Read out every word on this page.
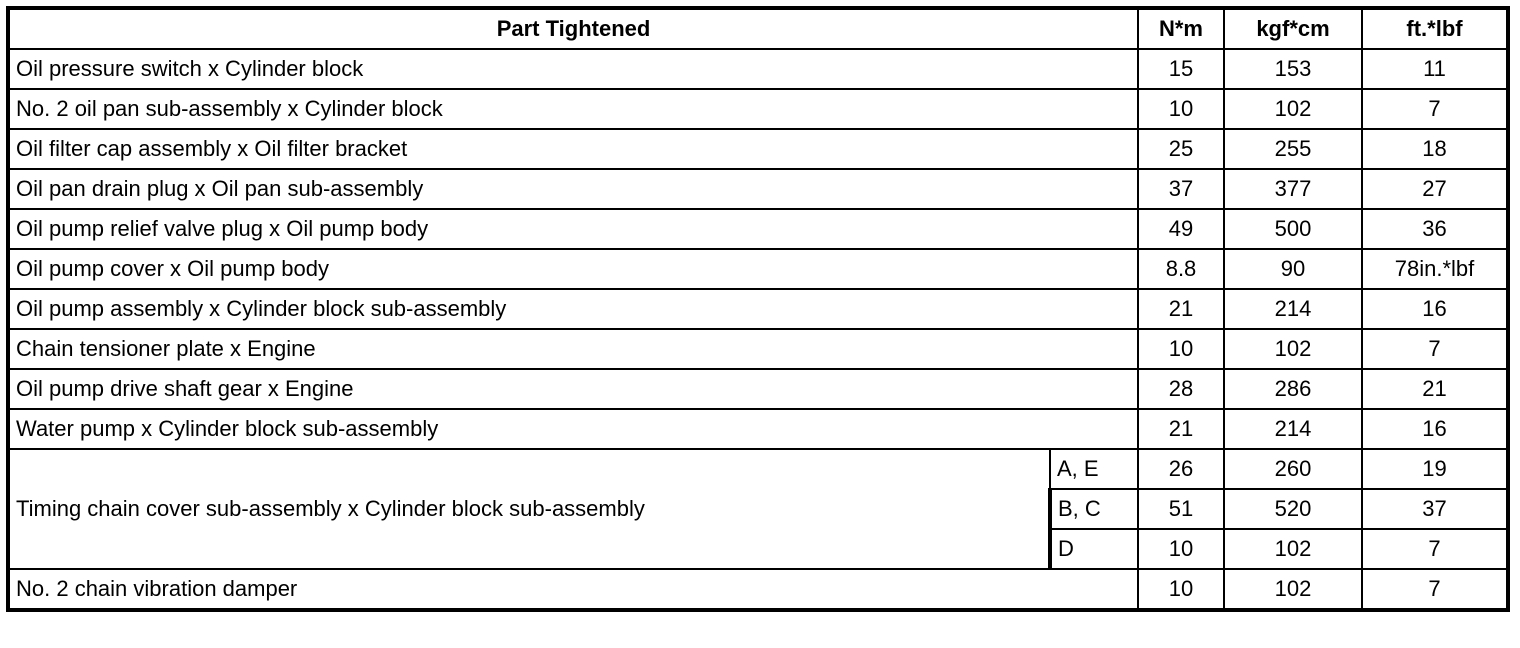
Part Tightened		N*m	kgf*cm	ft.*lbf
Oil pressure switch x Cylinder block		15	153	11
No. 2 oil pan sub-assembly x Cylinder block		10	102	7
Oil filter cap assembly x Oil filter bracket		25	255	18
Oil pan drain plug x Oil pan sub-assembly		37	377	27
Oil pump relief valve plug x Oil pump body		49	500	36
Oil pump cover x Oil pump body		8.8	90	78in.*lbf
Oil pump assembly x Cylinder block sub-assembly		21	214	16
Chain tensioner plate x Engine		10	102	7
Oil pump drive shaft gear x Engine		28	286	21
Water pump x Cylinder block sub-assembly		21	214	16
Timing chain cover sub-assembly x Cylinder block sub-assembly	A, E	26	260	19
	B, C	51	520	37
	D	10	102	7
No. 2 chain vibration damper		10	102	7
